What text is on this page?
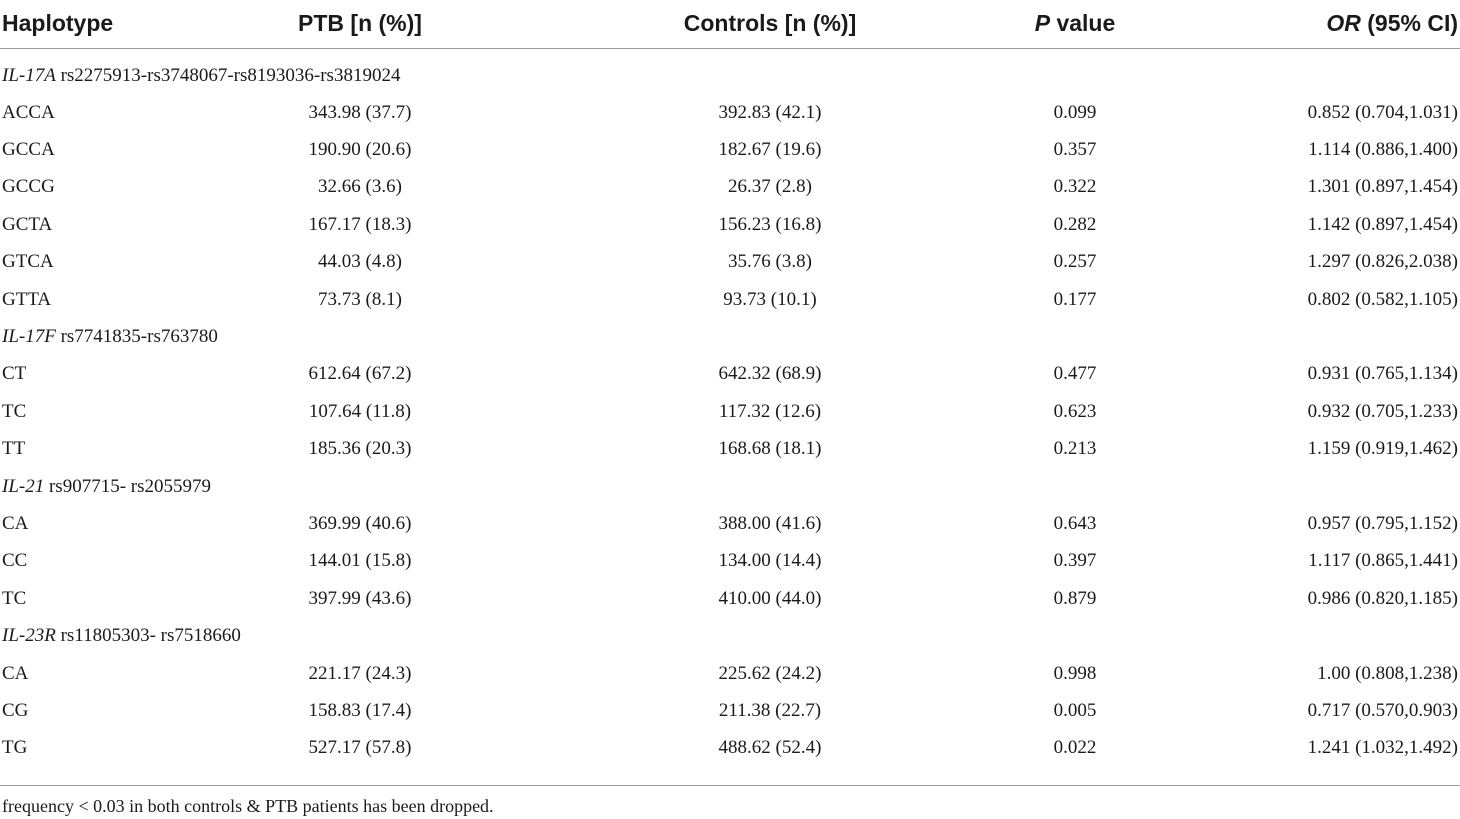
Haplotype	PTB [n (%)]	Controls [n (%)]	P value	OR (95% CI)
IL-17A rs2275913-rs3748067-rs8193036-rs3819024				
ACCA	343.98 (37.7)	392.83 (42.1)	0.099	0.852 (0.704,1.031)
GCCA	190.90 (20.6)	182.67 (19.6)	0.357	1.114 (0.886,1.400)
GCCG	32.66 (3.6)	26.37 (2.8)	0.322	1.301 (0.897,1.454)
GCTA	167.17 (18.3)	156.23 (16.8)	0.282	1.142 (0.897,1.454)
GTCA	44.03 (4.8)	35.76 (3.8)	0.257	1.297 (0.826,2.038)
GTTA	73.73 (8.1)	93.73 (10.1)	0.177	0.802 (0.582,1.105)
IL-17F rs7741835-rs763780				
CT	612.64 (67.2)	642.32 (68.9)	0.477	0.931 (0.765,1.134)
TC	107.64 (11.8)	117.32 (12.6)	0.623	0.932 (0.705,1.233)
TT	185.36 (20.3)	168.68 (18.1)	0.213	1.159 (0.919,1.462)
IL-21 rs907715- rs2055979				
CA	369.99 (40.6)	388.00 (41.6)	0.643	0.957 (0.795,1.152)
CC	144.01 (15.8)	134.00 (14.4)	0.397	1.117 (0.865,1.441)
TC	397.99 (43.6)	410.00 (44.0)	0.879	0.986 (0.820,1.185)
IL-23R rs11805303- rs7518660				
CA	221.17 (24.3)	225.62 (24.2)	0.998	1.00 (0.808,1.238)
CG	158.83 (17.4)	211.38 (22.7)	0.005	0.717 (0.570,0.903)
TG	527.17 (57.8)	488.62 (52.4)	0.022	1.241 (1.032,1.492)
frequency < 0.03 in both controls & PTB patients has been dropped.
